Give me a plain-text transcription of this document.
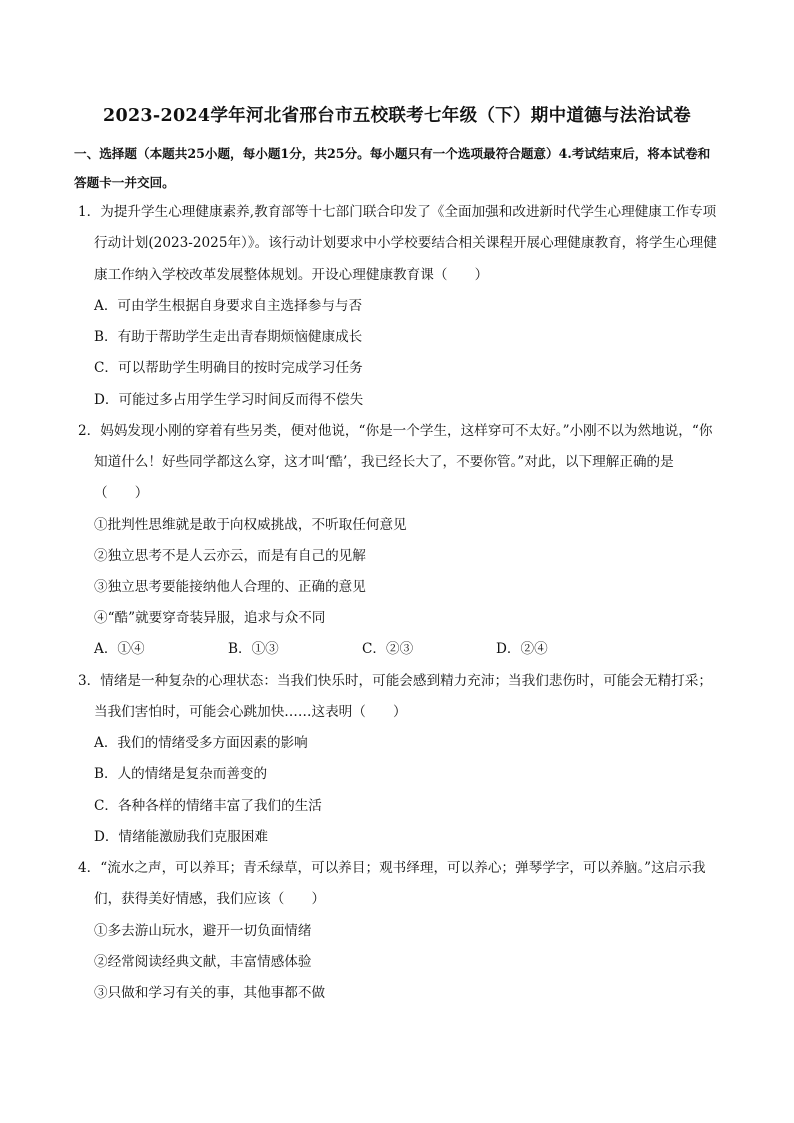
2023-2024学年河北省邢台市五校联考七年级（下）期中道德与法治试卷
一、选择题（本题共25小题，每小题1分，共25分。每小题只有一个选项最符合题意）4.考试结束后，将本试卷和答题卡一并交回。
1．为提升学生心理健康素养,教育部等十七部门联合印发了《全面加强和改进新时代学生心理健康工作专项行动计划(2023-2025年）》。该行动计划要求中小学校要结合相关课程开展心理健康教育，将学生心理健康工作纳入学校改革发展整体规划。开设心理健康教育课（　　）
A．可由学生根据自身要求自主选择参与与否
B．有助于帮助学生走出青春期烦恼健康成长
C．可以帮助学生明确目的按时完成学习任务
D．可能过多占用学生学习时间反而得不偿失
2．妈妈发现小刚的穿着有些另类，便对他说，“你是一个学生，这样穿可不太好。”小刚不以为然地说，“你知道什么！好些同学都这么穿，这才叫‘酷’，我已经长大了，不要你管。”对此，以下理解正确的是（　　）
①批判性思维就是敢于向权威挑战，不听取任何意见
②独立思考不是人云亦云，而是有自己的见解
③独立思考要能接纳他人合理的、正确的意见
④“酷”就要穿奇装异服，追求与众不同
A．①④	B．①③	C．②③	D．②④
3．情绪是一种复杂的心理状态：当我们快乐时，可能会感到精力充沛；当我们悲伤时，可能会无精打采；当我们害怕时，可能会心跳加快……这表明（　　）
A．我们的情绪受多方面因素的影响
B．人的情绪是复杂而善变的
C．各种各样的情绪丰富了我们的生活
D．情绪能激励我们克服困难
4．“流水之声，可以养耳；青禾绿草，可以养目；观书绎理，可以养心；弹琴学字，可以养脑。”这启示我们，获得美好情感，我们应该（　　）
①多去游山玩水，避开一切负面情绪
②经常阅读经典文献，丰富情感体验
③只做和学习有关的事，其他事都不做
